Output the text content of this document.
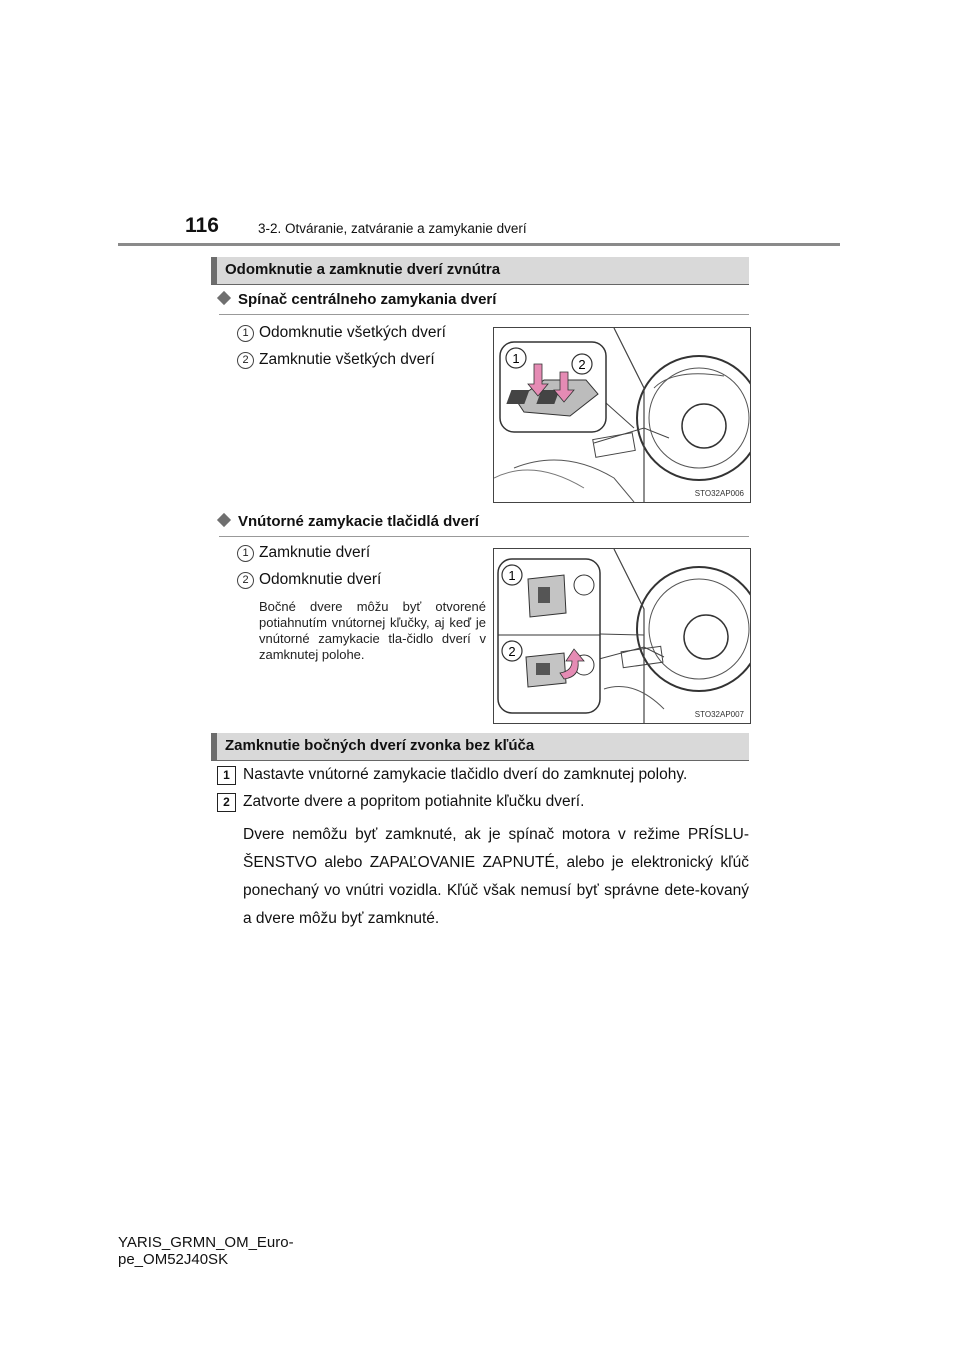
116	3-2. Otváranie, zatváranie a zamykanie dverí
Odomknutie a zamknutie dverí zvnútra
Spínač centrálneho zamykania dverí
1 Odomknutie všetkých dverí
2 Zamknutie všetkých dverí	1	2
STO32AP006
Vnútorné zamykacie tlačidlá dverí
1 Zamknutie dverí
2 Odomknutie dverí
Bočné dvere môžu byť otvorené potiahnutím vnútornej kľučky, aj keď je vnútorné zamykacie tla-čidlo dverí v zamknutej polohe.
1
2
STO32AP007
Zamknutie bočných dverí zvonka bez kľúča
1 Nastavte vnútorné zamykacie tlačidlo dverí do zamknutej polohy.
2 Zatvorte dvere a popritom potiahnite kľučku dverí.
Dvere nemôžu byť zamknuté, ak je spínač motora v režime PRÍSLU-ŠENSTVO alebo ZAPAĽOVANIE ZAPNUTÉ, alebo je elektronický kľúč ponechaný vo vnútri vozidla. Kľúč však nemusí byť správne dete-kovaný a dvere môžu byť zamknuté.
YARIS_GRMN_OM_Euro-
pe_OM52J40SK
